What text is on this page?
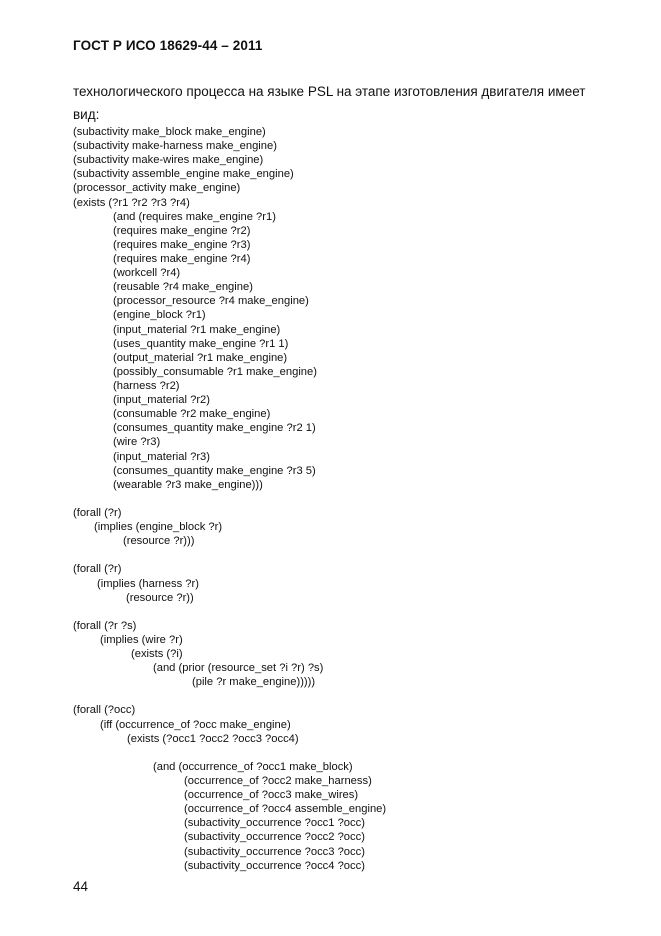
ГОСТ Р ИСО 18629-44 – 2011
технологического процесса на языке PSL на этапе изготовления двигателя имеет
вид:
(subactivity make_block make_engine)
(subactivity make-harness make_engine)
(subactivity make-wires make_engine)
(subactivity assemble_engine make_engine)
(processor_activity make_engine)
(exists (?r1 ?r2 ?r3 ?r4)
(and (requires make_engine ?r1)
(requires make_engine ?r2)
(requires make_engine ?r3)
(requires make_engine ?r4)
(workcell ?r4)
(reusable ?r4 make_engine)
(processor_resource ?r4 make_engine)
(engine_block ?r1)
(input_material ?r1 make_engine)
(uses_quantity make_engine ?r1 1)
(output_material ?r1 make_engine)
(possibly_consumable ?r1 make_engine)
(harness ?r2)
(input_material ?r2)
(consumable ?r2 make_engine)
(consumes_quantity make_engine ?r2 1)
(wire ?r3)
(input_material ?r3)
(consumes_quantity make_engine ?r3 5)
(wearable ?r3 make_engine)))
(forall (?r)
(implies (engine_block ?r)
(resource ?r)))
(forall (?r)
(implies (harness ?r)
(resource ?r))
(forall (?r ?s)
(implies (wire ?r)
(exists (?i)
(and (prior (resource_set ?i ?r) ?s)
(pile ?r make_engine)))))
(forall (?occ)
(iff (occurrence_of ?occ make_engine)
(exists (?occ1 ?occ2 ?occ3 ?occ4)
(and (occurrence_of ?occ1 make_block)
(occurrence_of ?occ2 make_harness)
(occurrence_of ?occ3 make_wires)
(occurrence_of ?occ4 assemble_engine)
(subactivity_occurrence ?occ1 ?occ)
(subactivity_occurrence ?occ2 ?occ)
(subactivity_occurrence ?occ3 ?occ)
(subactivity_occurrence ?occ4 ?occ)
44
